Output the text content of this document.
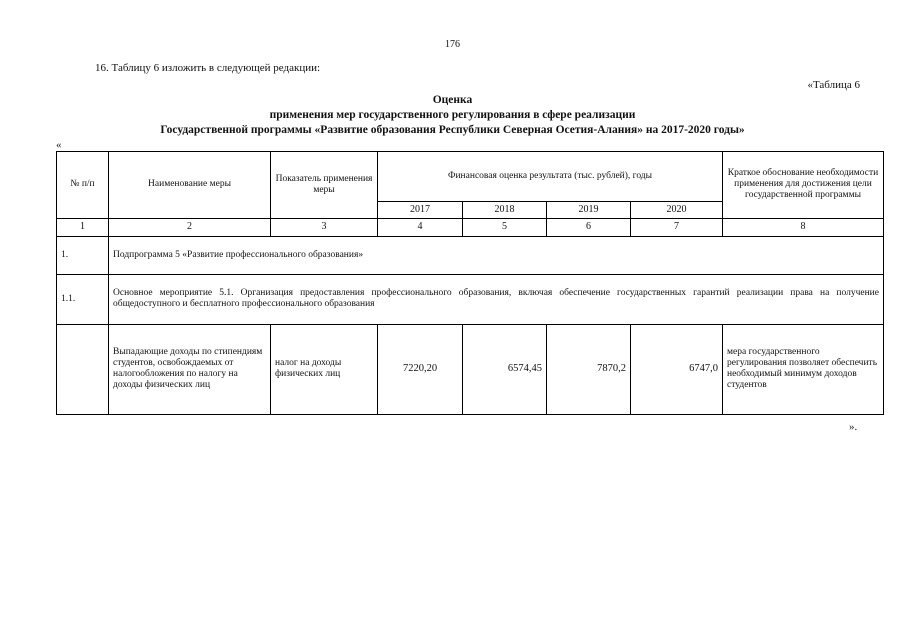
176
16. Таблицу 6 изложить в следующей редакции:
«Таблица 6
Оценка
применения мер государственного регулирования в сфере реализации
Государственной программы «Развитие образования Республики Северная Осетия-Алания» на 2017-2020 годы»
«
№ п/п	Наименование меры	Показатель применения меры	Финансовая оценка результата (тыс. рублей), годы				Краткое обоснование необходимости применения для достижения цели государственной программы
			2017	2018	2019	2020	
1	2	3	4	5	6	7	8
1.	Подпрограмма 5 «Развитие профессионального образования»						
1.1.	Основное мероприятие 5.1. Организация предоставления профессионального образования, включая обеспечение государственных гарантий реализации права на получение общедоступного и бесплатного профессионального образования						
	Выпадающие доходы по стипендиям студентов, освобождаемых от налогообложения по налогу на доходы физических лиц	налог на доходы физических лиц	7220,20	6574,45	7870,2	6747,0	мера государственного регулирования позволяет обеспечить необходимый минимум доходов студентов
».
